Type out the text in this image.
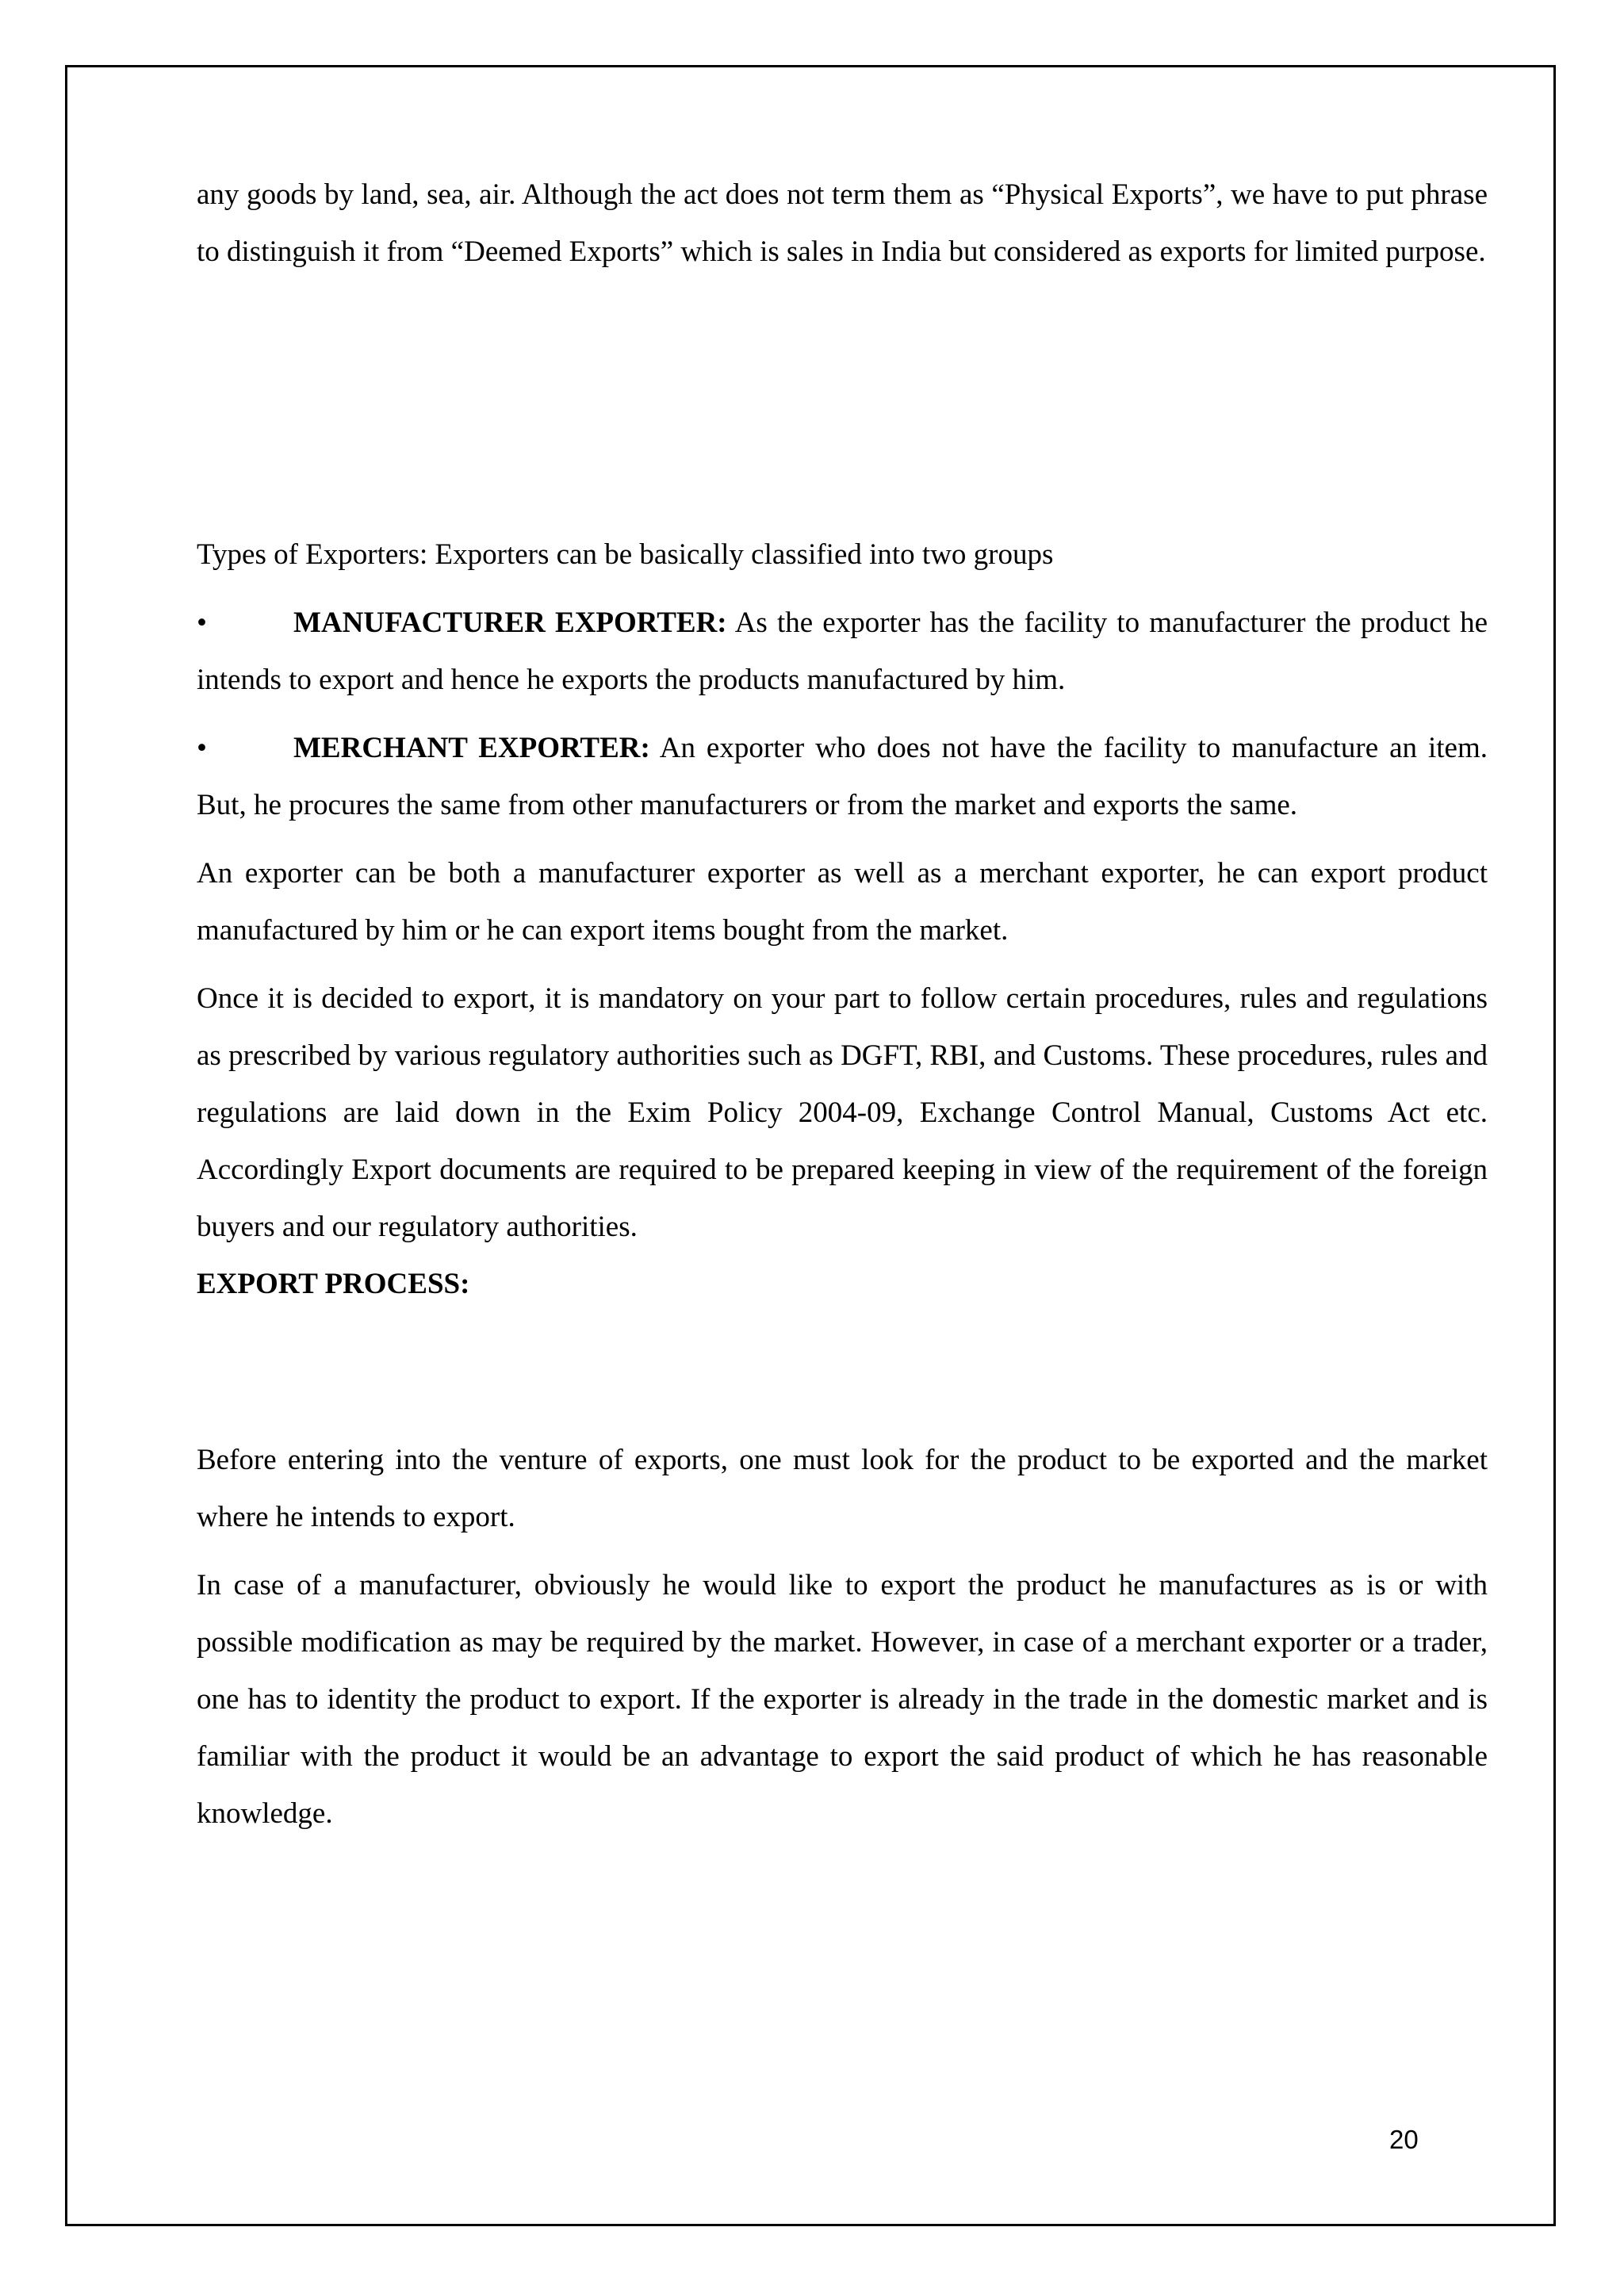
any goods by land, sea, air. Although the act does not term them as “Physical Exports”, we have to put phrase to distinguish it from “Deemed Exports” which is sales in India but considered as exports for limited purpose.

Types of Exporters: Exporters can be basically classified into two groups

•	MANUFACTURER EXPORTER: As the exporter has the facility to manufacturer the product he intends to export and hence he exports the products manufactured by him.

•	MERCHANT EXPORTER: An exporter who does not have the facility to manufacture an item. But, he procures the same from other manufacturers or from the market and exports the same.

An exporter can be both a manufacturer exporter as well as a merchant exporter, he can export product manufactured by him or he can export items bought from the market.

Once it is decided to export, it is mandatory on your part to follow certain procedures, rules and regulations as prescribed by various regulatory authorities such as DGFT, RBI, and Customs. These procedures, rules and regulations are laid down in the Exim Policy 2004-09, Exchange Control Manual, Customs Act etc. Accordingly Export documents are required to be prepared keeping in view of the requirement of the foreign buyers and our regulatory authorities.

EXPORT PROCESS:

Before entering into the venture of exports, one must look for the product to be exported and the market where he intends to export.

In case of a manufacturer, obviously he would like to export the product he manufactures as is or with possible modification as may be required by the market. However, in case of a merchant exporter or a trader, one has to identity the product to export. If the exporter is already in the trade in the domestic market and is familiar with the product it would be an advantage to export the said product of which he has reasonable knowledge.

20
